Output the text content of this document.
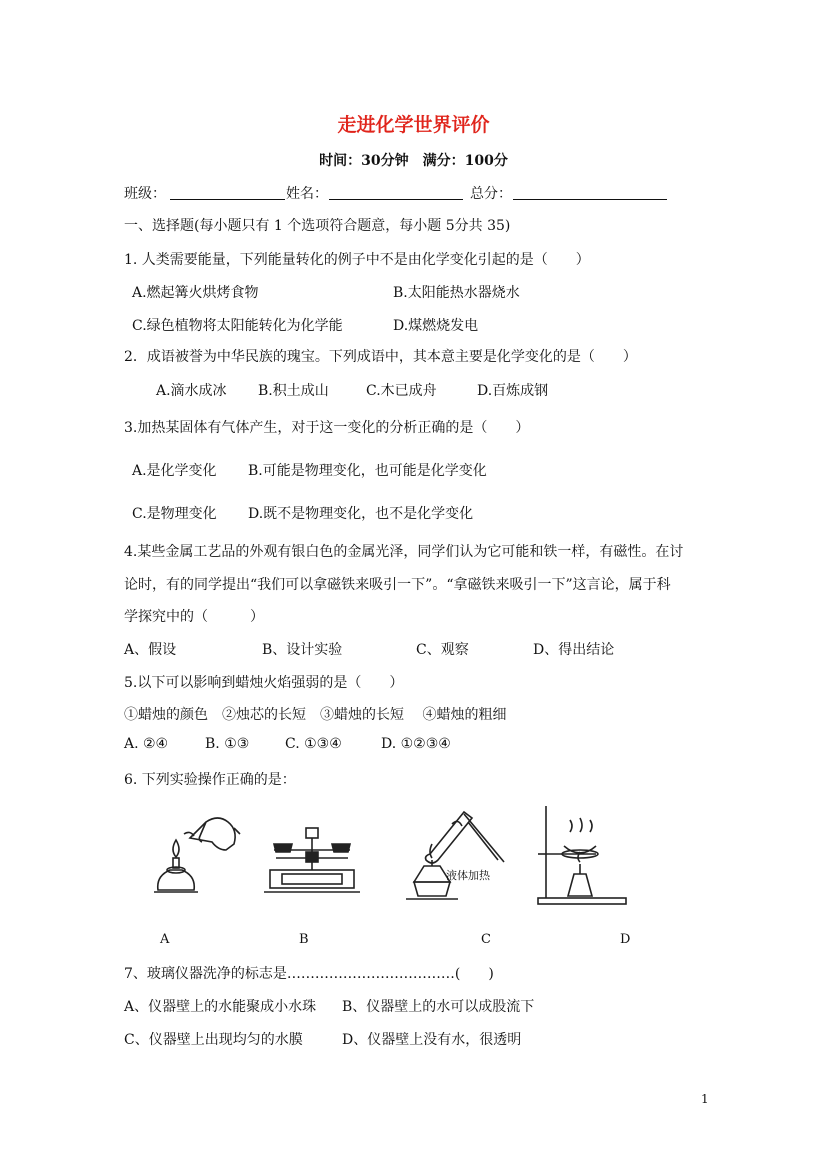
走进化学世界评价
时间：30分钟　满分：100分
班级：	姓名：	总分：
一、选择题(每小题只有 1 个选项符合题意，每小题 5分共 35)
1. 人类需要能量，下列能量转化的例子中不是由化学变化引起的是（　　）
A.燃起篝火烘烤食物	B.太阳能热水器烧水
C.绿色植物将太阳能转化为化学能	D.煤燃烧发电
2．成语被誉为中华民族的瑰宝。下列成语中，其本意主要是化学变化的是（　　）
A.滴水成冰 B.积土成山	C.木已成舟	D.百炼成钢
3.加热某固体有气体产生，对于这一变化的分析正确的是（　　）
A.是化学变化 B.可能是物理变化，也可能是化学变化
C.是物理变化 D.既不是物理变化，也不是化学变化
4.某些金属工艺品的外观有银白色的金属光泽，同学们认为它可能和铁一样，有磁性。在讨
论时，有的同学提出“我们可以拿磁铁来吸引一下”。“拿磁铁来吸引一下”这言论，属于科
学探究中的（　　　）
A、假设	B、设计实验	C、观察	D、得出结论
5.以下可以影响到蜡烛火焰强弱的是（　　）
①蜡烛的颜色　②烛芯的长短　③蜡烛的长短　 ④蜡烛的粗细
A. ②④	B. ①③	C. ①③④	D. ①②③④
6. 下列实验操作正确的是：
液体加热
A	B	C	D
7、玻璃仪器洗净的标志是………………………………(　　)
A、仪器壁上的水能聚成小水珠 B、仪器壁上的水可以成股流下
C、仪器壁上出现均匀的水膜	D、仪器壁上没有水，很透明
1
